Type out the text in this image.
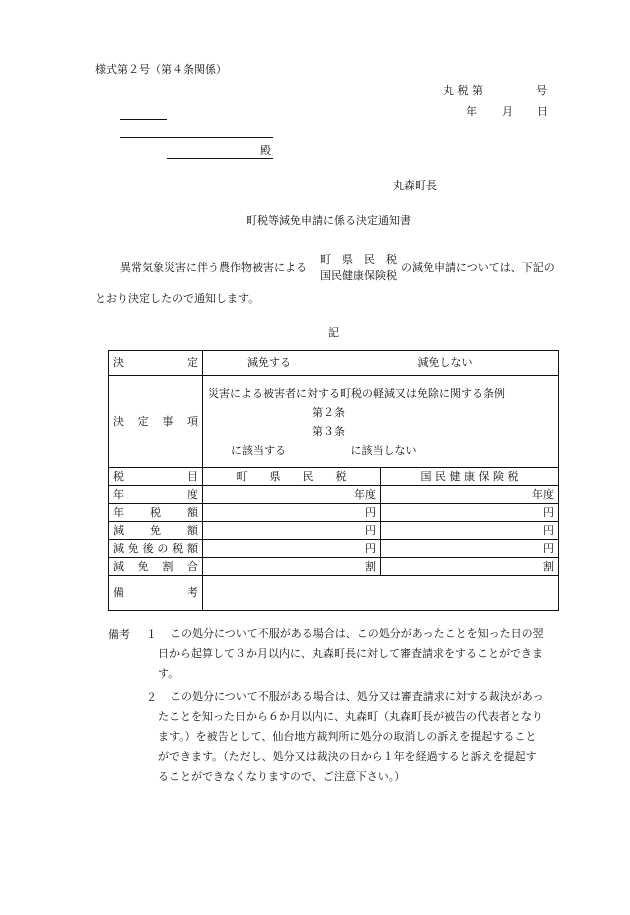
様式第２号（第４条関係）
丸 税 第	号
年 月 日
殿
丸森町長
町税等減免申請に係る決定通知書
異常気象災害に伴う農作物被害による
町　県　民　税
国民健康保険税
の減免申請については、下記の
とおり決定したので通知します。
記
決　　　定	減免する 減免しない	
決　定　事　項	災害による被害者に対する町税の軽減又は免除に関する条例
第２条
第３条
に該当する に該当しない	

税　　　　　目	町　　県　　民　　税	国 民 健 康 保 険 税
年　　　　　度	年度	年度
年　　税　　額	円	円
減　　免　　額	円	円
減免後の税額	円	円
減　免　割　合	割	割
備　　　　　考		
備考 １	この処分について不服がある場合は、この処分があったことを知った日の翌
日から起算して３か月以内に、丸森町長に対して審査請求をすることができま
す。
２	この処分について不服がある場合は、処分又は審査請求に対する裁決があっ
たことを知った日から６か月以内に、丸森町（丸森町長が被告の代表者となり
ます。）を被告として、仙台地方裁判所に処分の取消しの訴えを提起すること
ができます。（ただし、処分又は裁決の日から１年を経過すると訴えを提起す
ることができなくなりますので、ご注意下さい。）
